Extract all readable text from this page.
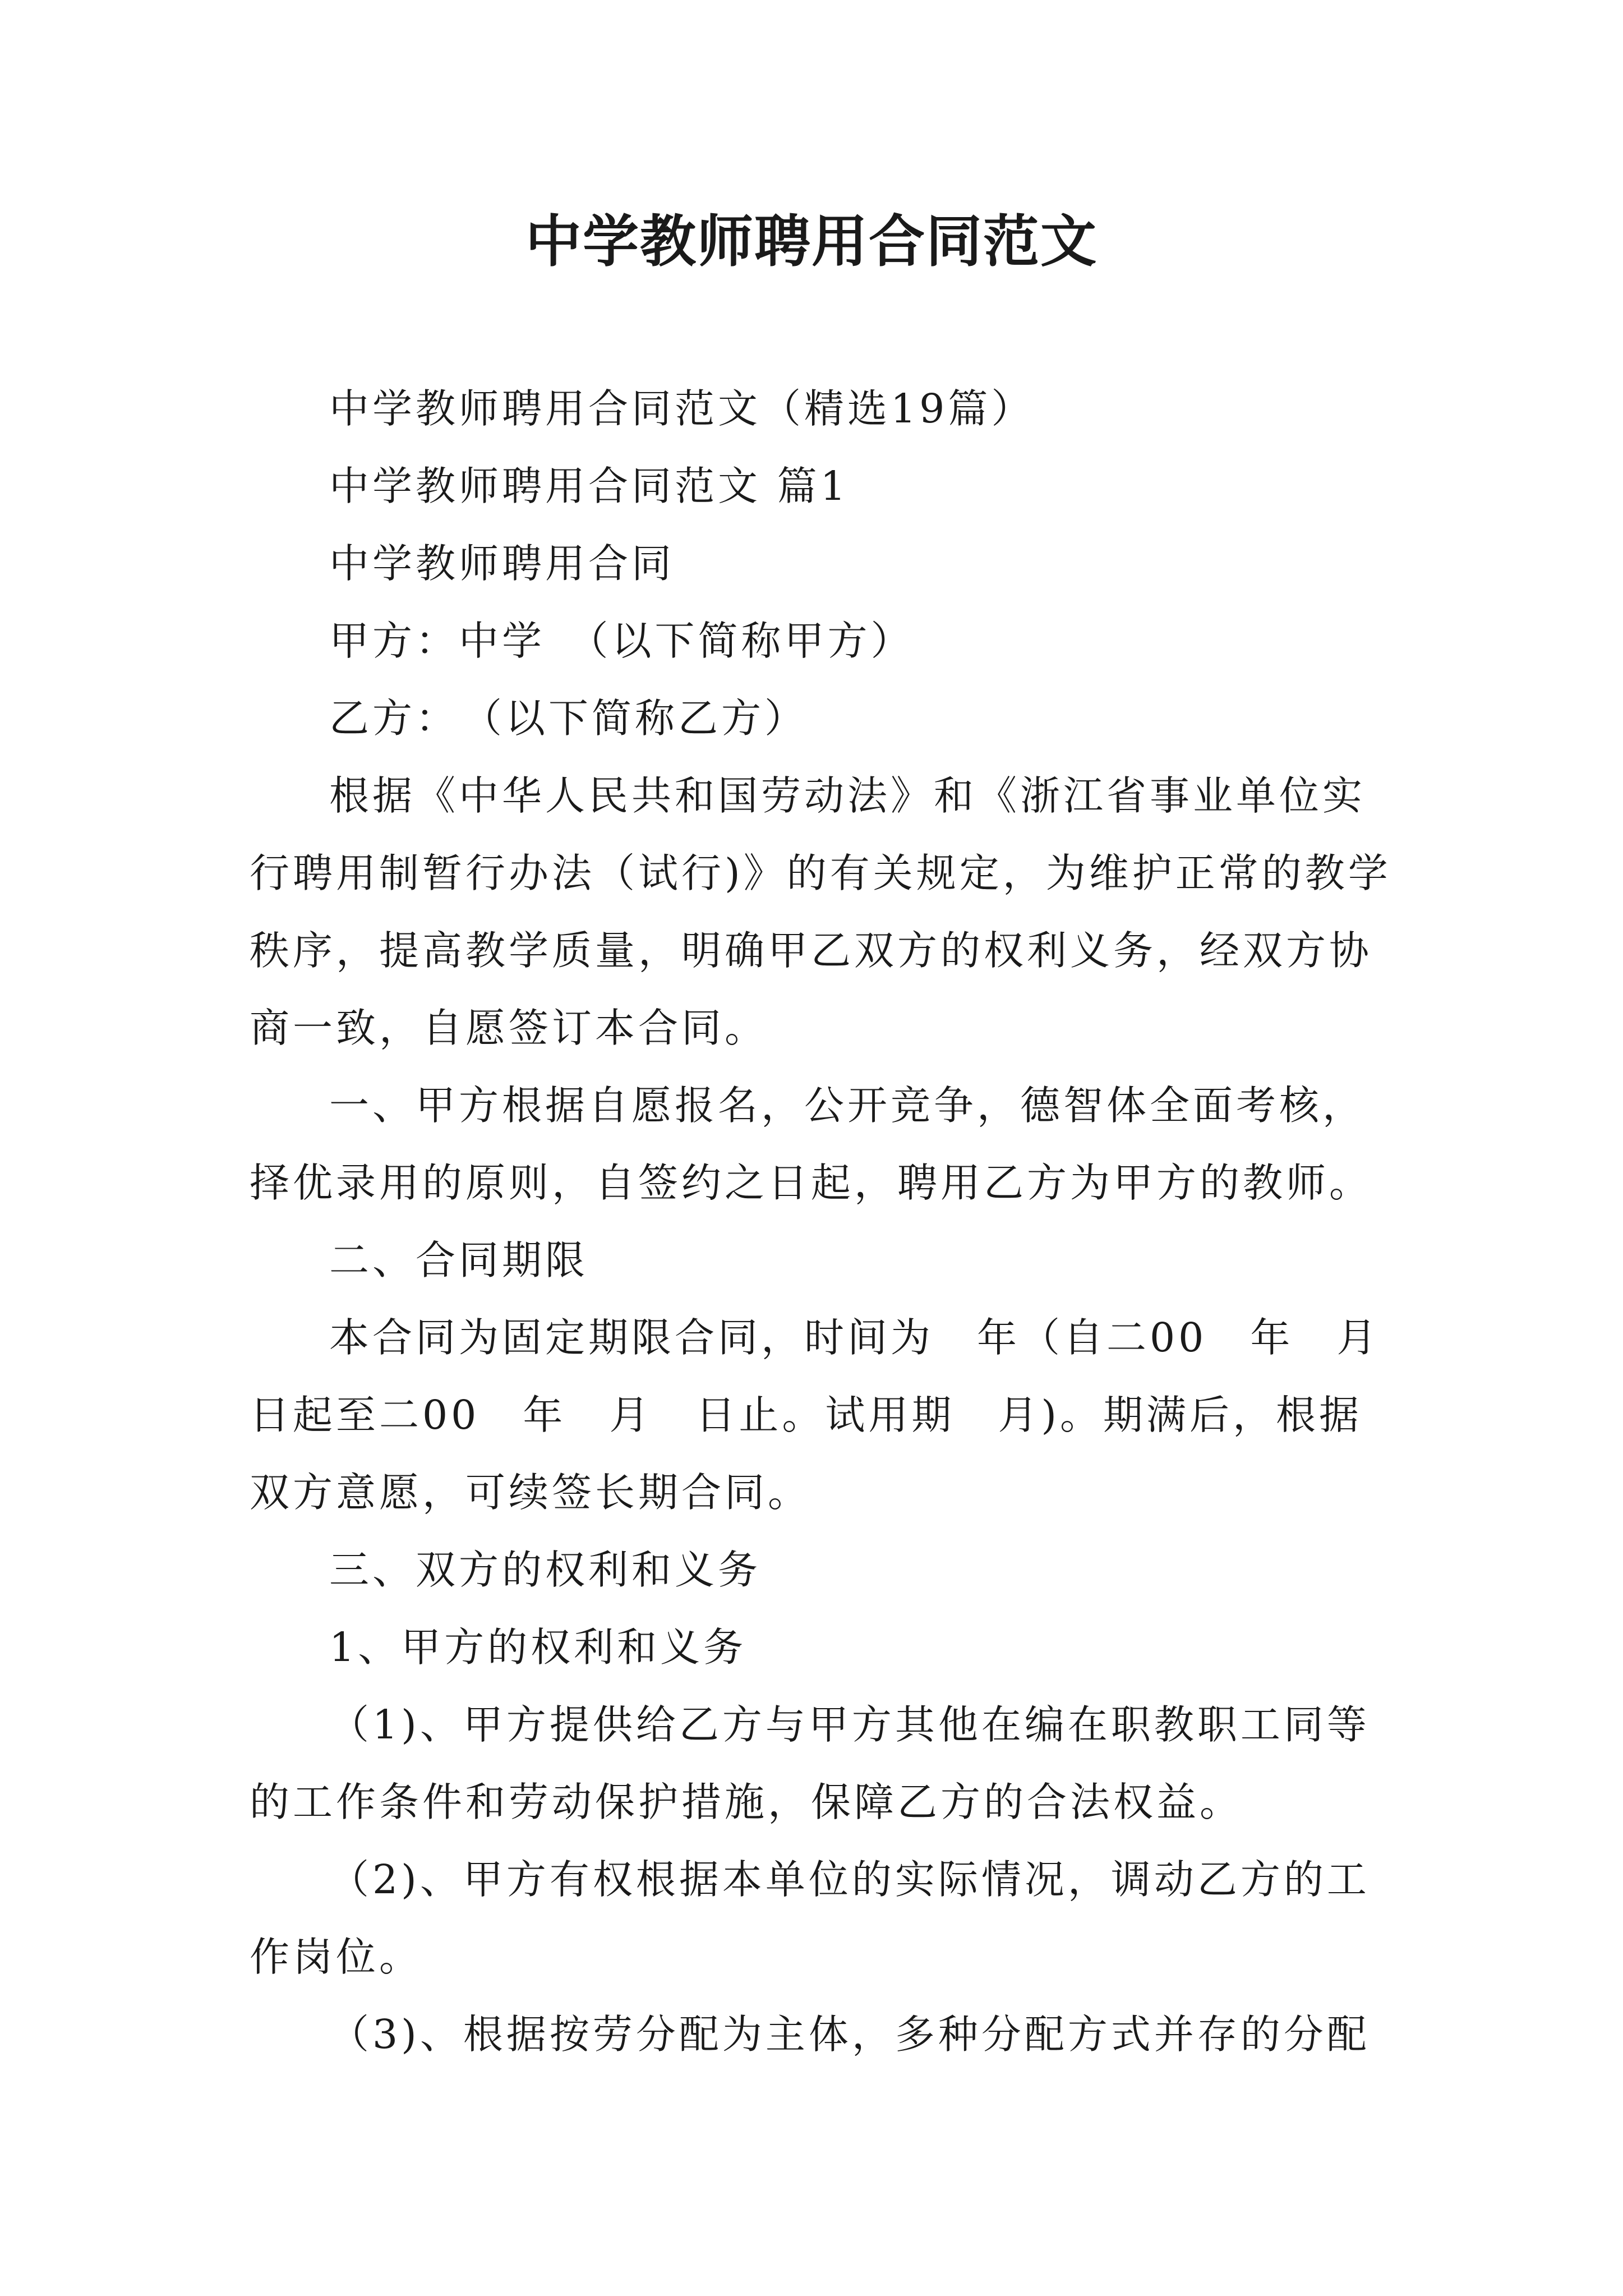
中学教师聘用合同范文

中学教师聘用合同范文（精选19篇）

中学教师聘用合同范文 篇1

中学教师聘用合同

甲方：中学　（以下简称甲方）

乙方：　（以下简称乙方）

根据《中华人民共和国劳动法》和《浙江省事业单位实行聘用制暂行办法（试行)》的有关规定，为维护正常的教学秩序，提高教学质量，明确甲乙双方的权利义务，经双方协商一致，自愿签订本合同。

一、甲方根据自愿报名，公开竞争，德智体全面考核，择优录用的原则，自签约之日起，聘用乙方为甲方的教师。

二、合同期限

本合同为固定期限合同，时间为　年（自二00　年　月　日起至二00　年　月　日止。试用期　月)。期满后，根据双方意愿，可续签长期合同。

三、双方的权利和义务

1、甲方的权利和义务

（1)、甲方提供给乙方与甲方其他在编在职教职工同等的工作条件和劳动保护措施，保障乙方的合法权益。

（2)、甲方有权根据本单位的实际情况，调动乙方的工作岗位。

（3)、根据按劳分配为主体，多种分配方式并存的分配
